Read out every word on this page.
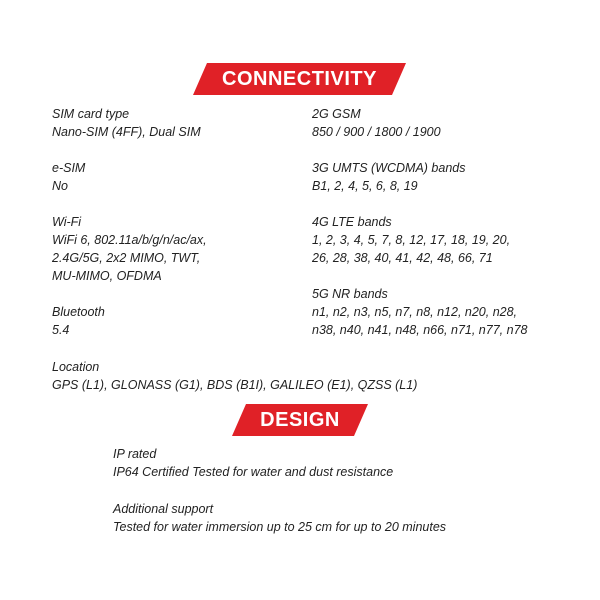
CONNECTIVITY
SIM card type
Nano-SIM (4FF), Dual SIM
e-SIM
No
Wi-Fi
WiFi 6, 802.11a/b/g/n/ac/ax,
2.4G/5G, 2x2 MIMO, TWT,
MU-MIMO, OFDMA
Bluetooth
5.4
Location
GPS (L1), GLONASS (G1), BDS (B1I), GALILEO (E1), QZSS (L1)
2G GSM
850 / 900 / 1800 / 1900
3G UMTS (WCDMA) bands
B1, 2, 4, 5, 6, 8, 19
4G LTE bands
1, 2, 3, 4, 5, 7, 8, 12, 17, 18, 19, 20,
26, 28, 38, 40, 41, 42, 48, 66, 71
5G NR bands
n1, n2, n3, n5, n7, n8, n12, n20, n28,
n38, n40, n41, n48, n66, n71, n77, n78
DESIGN
IP rated
IP64 Certified Tested for water and dust resistance
Additional support
Tested for water immersion up to 25 cm for up to 20 minutes
